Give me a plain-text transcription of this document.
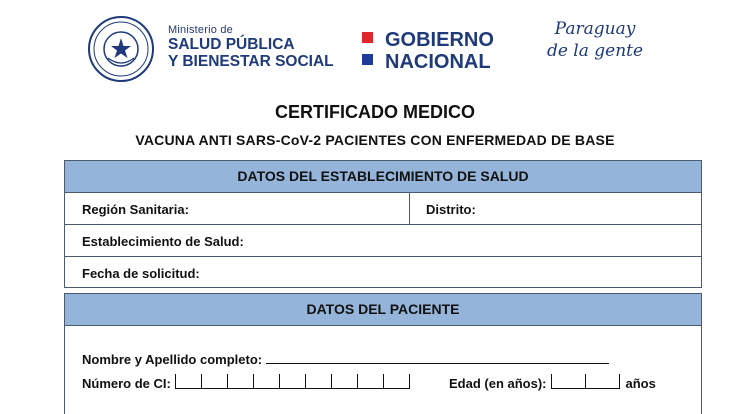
Ministerio de
SALUD PÚBLICA
Y BIENESTAR SOCIAL
GOBIERNO
NACIONAL
Paraguay
de la gente
CERTIFICADO MEDICO
VACUNA ANTI SARS-CoV-2 PACIENTES CON ENFERMEDAD DE BASE
DATOS DEL ESTABLECIMIENTO DE SALUD
Región Sanitaria:	Distrito:
Establecimiento de Salud:
Fecha de solicitud:
DATOS DEL PACIENTE
Nombre y Apellido completo:
Número de CI:	Edad (en años):	años
